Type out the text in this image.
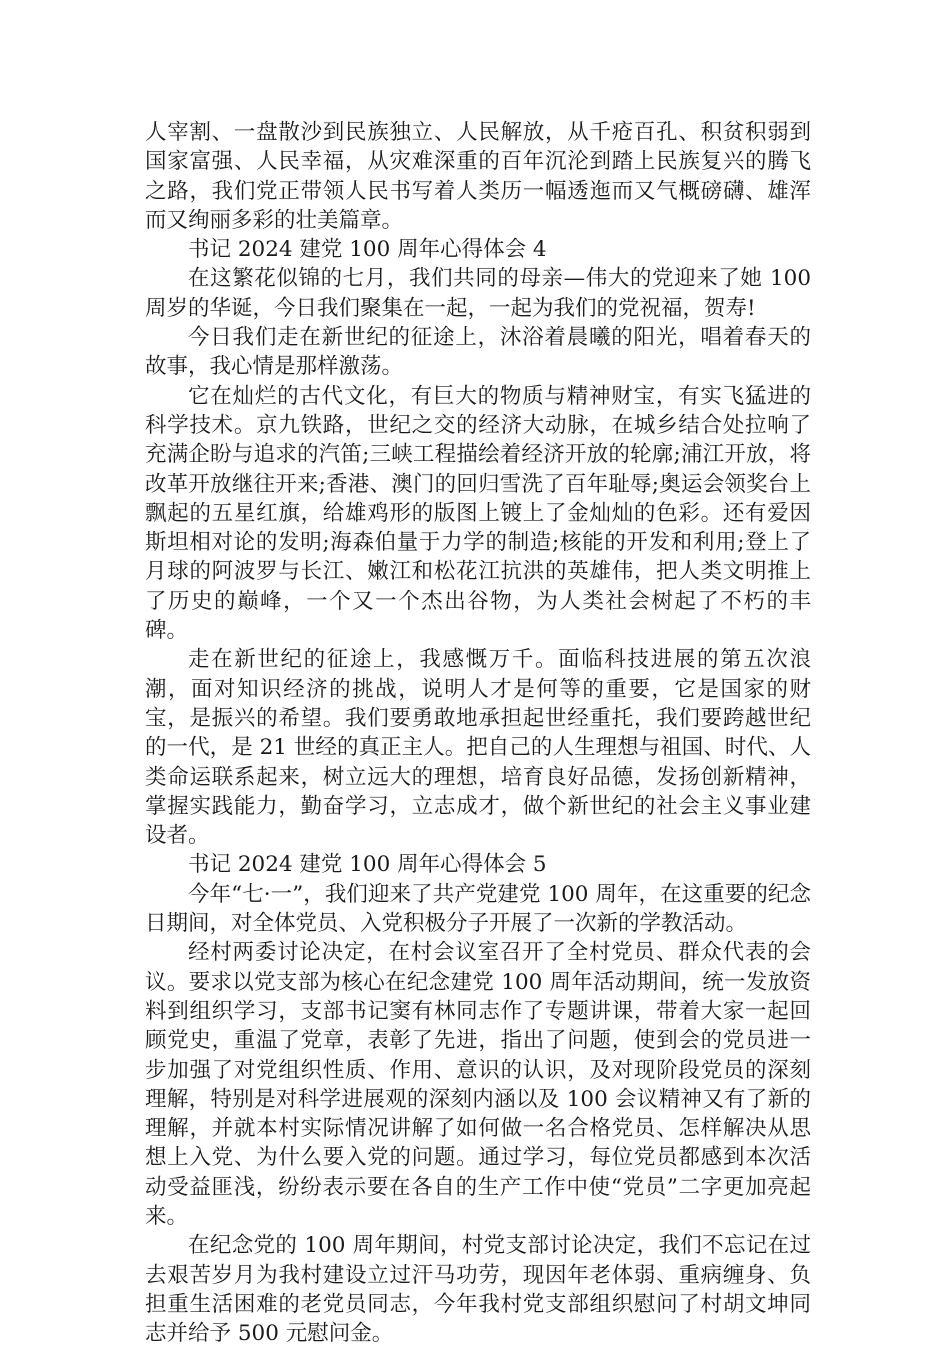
人宰割、一盘散沙到民族独立、人民解放，从千疮百孔、积贫积弱到国家富强、人民幸福，从灾难深重的百年沉沦到踏上民族复兴的腾飞之路，我们党正带领人民书写着人类历一幅透迤而又气概磅礴、雄浑而又绚丽多彩的壮美篇章。

书记 2024 建党 100 周年心得体会 4

在这繁花似锦的七月，我们共同的母亲—伟大的党迎来了她 100 周岁的华诞，今日我们聚集在一起，一起为我们的党祝福，贺寿!

今日我们走在新世纪的征途上，沐浴着晨曦的阳光，唱着春天的故事，我心情是那样激荡。

它在灿烂的古代文化，有巨大的物质与精神财宝，有实飞猛进的科学技术。京九铁路，世纪之交的经济大动脉，在城乡结合处拉响了充满企盼与追求的汽笛;三峡工程描绘着经济开放的轮廓;浦江开放，将改革开放继往开来;香港、澳门的回归雪洗了百年耻辱;奥运会领奖台上飘起的五星红旗，给雄鸡形的版图上镀上了金灿灿的色彩。还有爱因斯坦相对论的发明;海森伯量于力学的制造;核能的开发和利用;登上了月球的阿波罗与长江、嫩江和松花江抗洪的英雄伟，把人类文明推上了历史的巅峰，一个又一个杰出谷物，为人类社会树起了不朽的丰碑。

走在新世纪的征途上，我感慨万千。面临科技进展的第五次浪潮，面对知识经济的挑战，说明人才是何等的重要，它是国家的财宝，是振兴的希望。我们要勇敢地承担起世经重托，我们要跨越世纪的一代，是 21 世经的真正主人。把自己的人生理想与祖国、时代、人类命运联系起来，树立远大的理想，培育良好品德，发扬创新精神，掌握实践能力，勤奋学习，立志成才，做个新世纪的社会主义事业建设者。

书记 2024 建党 100 周年心得体会 5

今年“七·一”，我们迎来了共产党建党 100 周年，在这重要的纪念日期间，对全体党员、入党积极分子开展了一次新的学教活动。

经村两委讨论决定，在村会议室召开了全村党员、群众代表的会议。要求以党支部为核心在纪念建党 100 周年活动期间，统一发放资料到组织学习，支部书记窦有林同志作了专题讲课，带着大家一起回顾党史，重温了党章，表彰了先进，指出了问题，使到会的党员进一步加强了对党组织性质、作用、意识的认识，及对现阶段党员的深刻理解，特别是对科学进展观的深刻内涵以及 100 会议精神又有了新的理解，并就本村实际情况讲解了如何做一名合格党员、怎样解决从思想上入党、为什么要入党的问题。通过学习，每位党员都感到本次活动受益匪浅，纷纷表示要在各自的生产工作中使“党员”二字更加亮起来。

在纪念党的 100 周年期间，村党支部讨论决定，我们不忘记在过去艰苦岁月为我村建设立过汗马功劳，现因年老体弱、重病缠身、负担重生活困难的老党员同志，今年我村党支部组织慰问了村胡文坤同志并给予 500 元慰问金。
